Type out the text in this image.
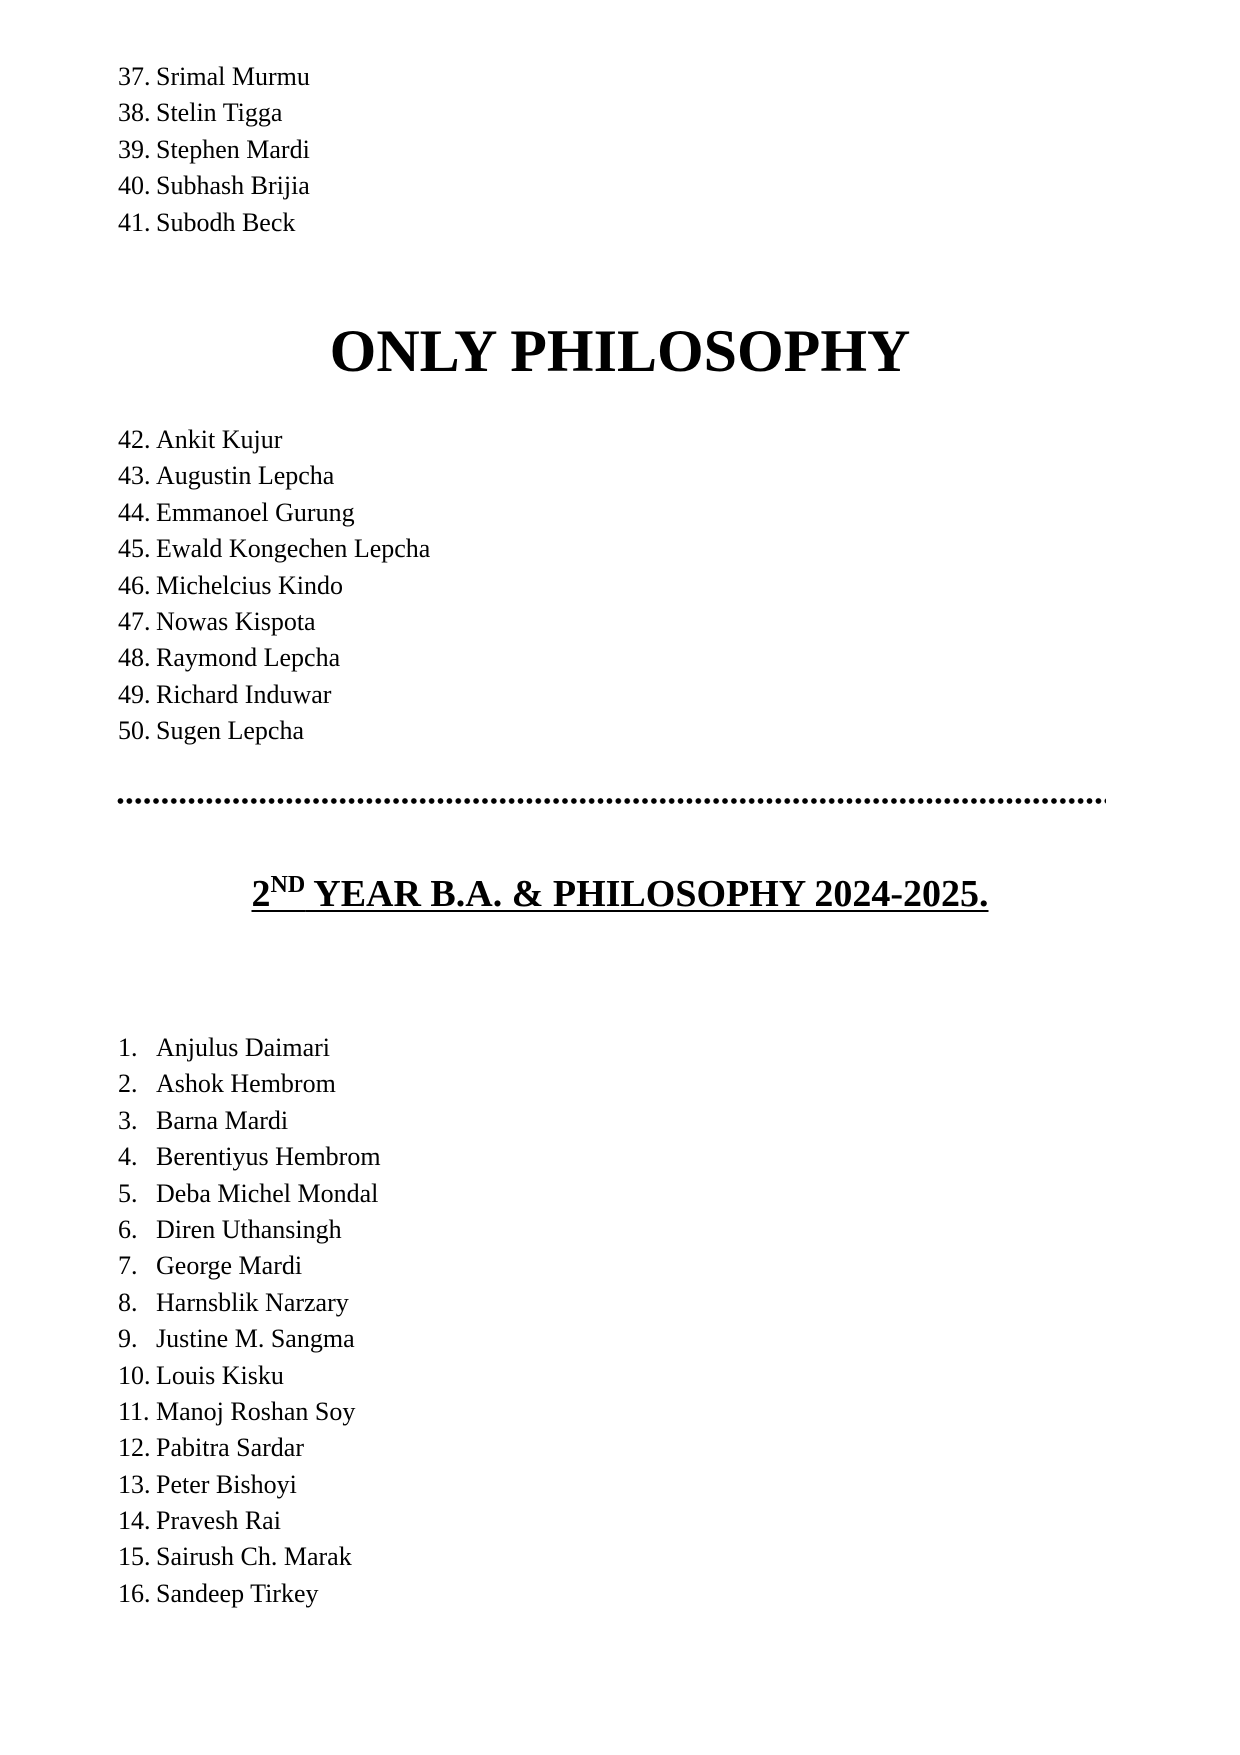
37. Srimal Murmu
38. Stelin Tigga
39. Stephen Mardi
40. Subhash Brijia
41. Subodh Beck
ONLY PHILOSOPHY
42. Ankit Kujur
43. Augustin Lepcha
44. Emmanoel Gurung
45. Ewald Kongechen Lepcha
46. Michelcius Kindo
47. Nowas Kispota
48. Raymond Lepcha
49. Richard Induwar
50. Sugen Lepcha
2ND YEAR B.A. & PHILOSOPHY 2024-2025.
1. Anjulus Daimari
2. Ashok Hembrom
3. Barna Mardi
4. Berentiyus Hembrom
5. Deba Michel Mondal
6. Diren Uthansingh
7. George Mardi
8. Harnsblik Narzary
9. Justine M. Sangma
10. Louis Kisku
11. Manoj Roshan Soy
12. Pabitra Sardar
13. Peter Bishoyi
14. Pravesh Rai
15. Sairush Ch. Marak
16. Sandeep Tirkey
